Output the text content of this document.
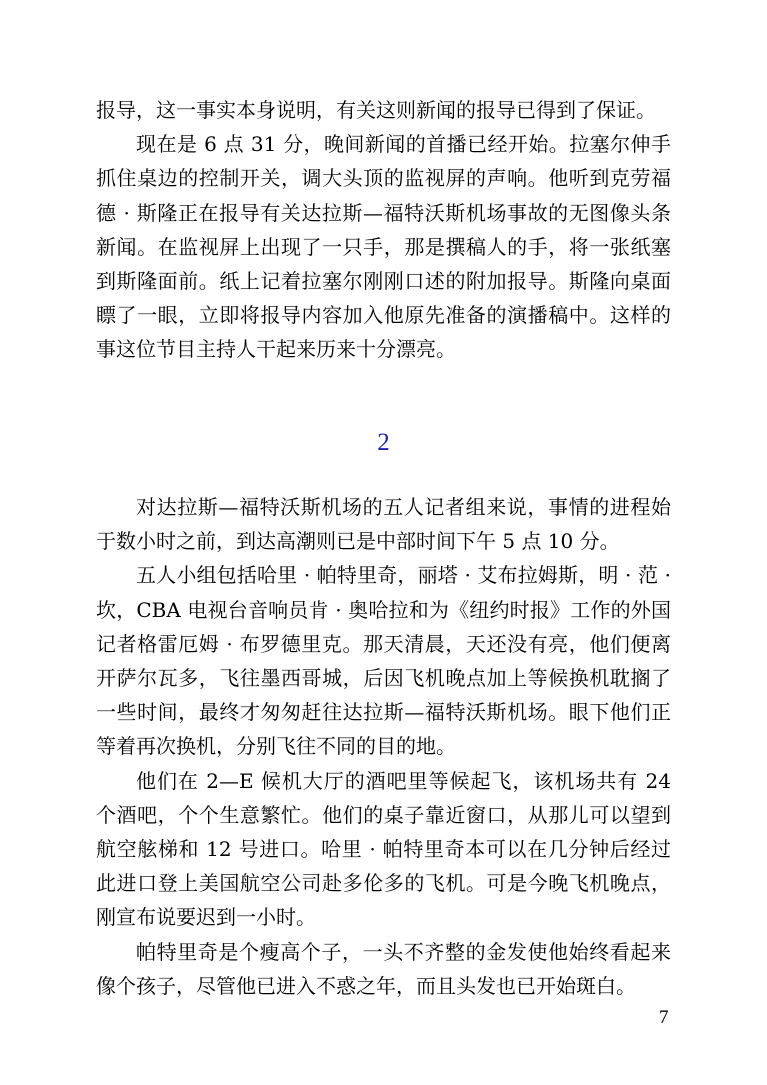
报导，这一事实本身说明，有关这则新闻的报导已得到了保证。

现在是 6 点 31 分，晚间新闻的首播已经开始。拉塞尔伸手抓住桌边的控制开关，调大头顶的监视屏的声响。他听到克劳福德 · 斯隆正在报导有关达拉斯—福特沃斯机场事故的无图像头条新闻。在监视屏上出现了一只手，那是撰稿人的手，将一张纸塞到斯隆面前。纸上记着拉塞尔刚刚口述的附加报导。斯隆向桌面瞟了一眼，立即将报导内容加入他原先准备的演播稿中。这样的事这位节目主持人干起来历来十分漂亮。

2

对达拉斯—福特沃斯机场的五人记者组来说，事情的进程始于数小时之前，到达高潮则已是中部时间下午 5 点 10 分。

五人小组包括哈里 · 帕特里奇，丽塔 · 艾布拉姆斯，明 · 范 · 坎，CBA 电视台音响员肯 · 奥哈拉和为《纽约时报》工作的外国记者格雷厄姆 · 布罗德里克。那天清晨，天还没有亮，他们便离开萨尔瓦多，飞往墨西哥城，后因飞机晚点加上等候换机耽搁了一些时间，最终才匆匆赶往达拉斯—福特沃斯机场。眼下他们正等着再次换机，分别飞往不同的目的地。

他们在 2—E 候机大厅的酒吧里等候起飞，该机场共有 24 个酒吧，个个生意繁忙。他们的桌子靠近窗口，从那儿可以望到航空舷梯和 12 号进口。哈里 · 帕特里奇本可以在几分钟后经过此进口登上美国航空公司赴多伦多的飞机。可是今晚飞机晚点，刚宣布说要迟到一小时。

帕特里奇是个瘦高个子，一头不齐整的金发使他始终看起来像个孩子，尽管他已进入不惑之年，而且头发也已开始斑白。

7
